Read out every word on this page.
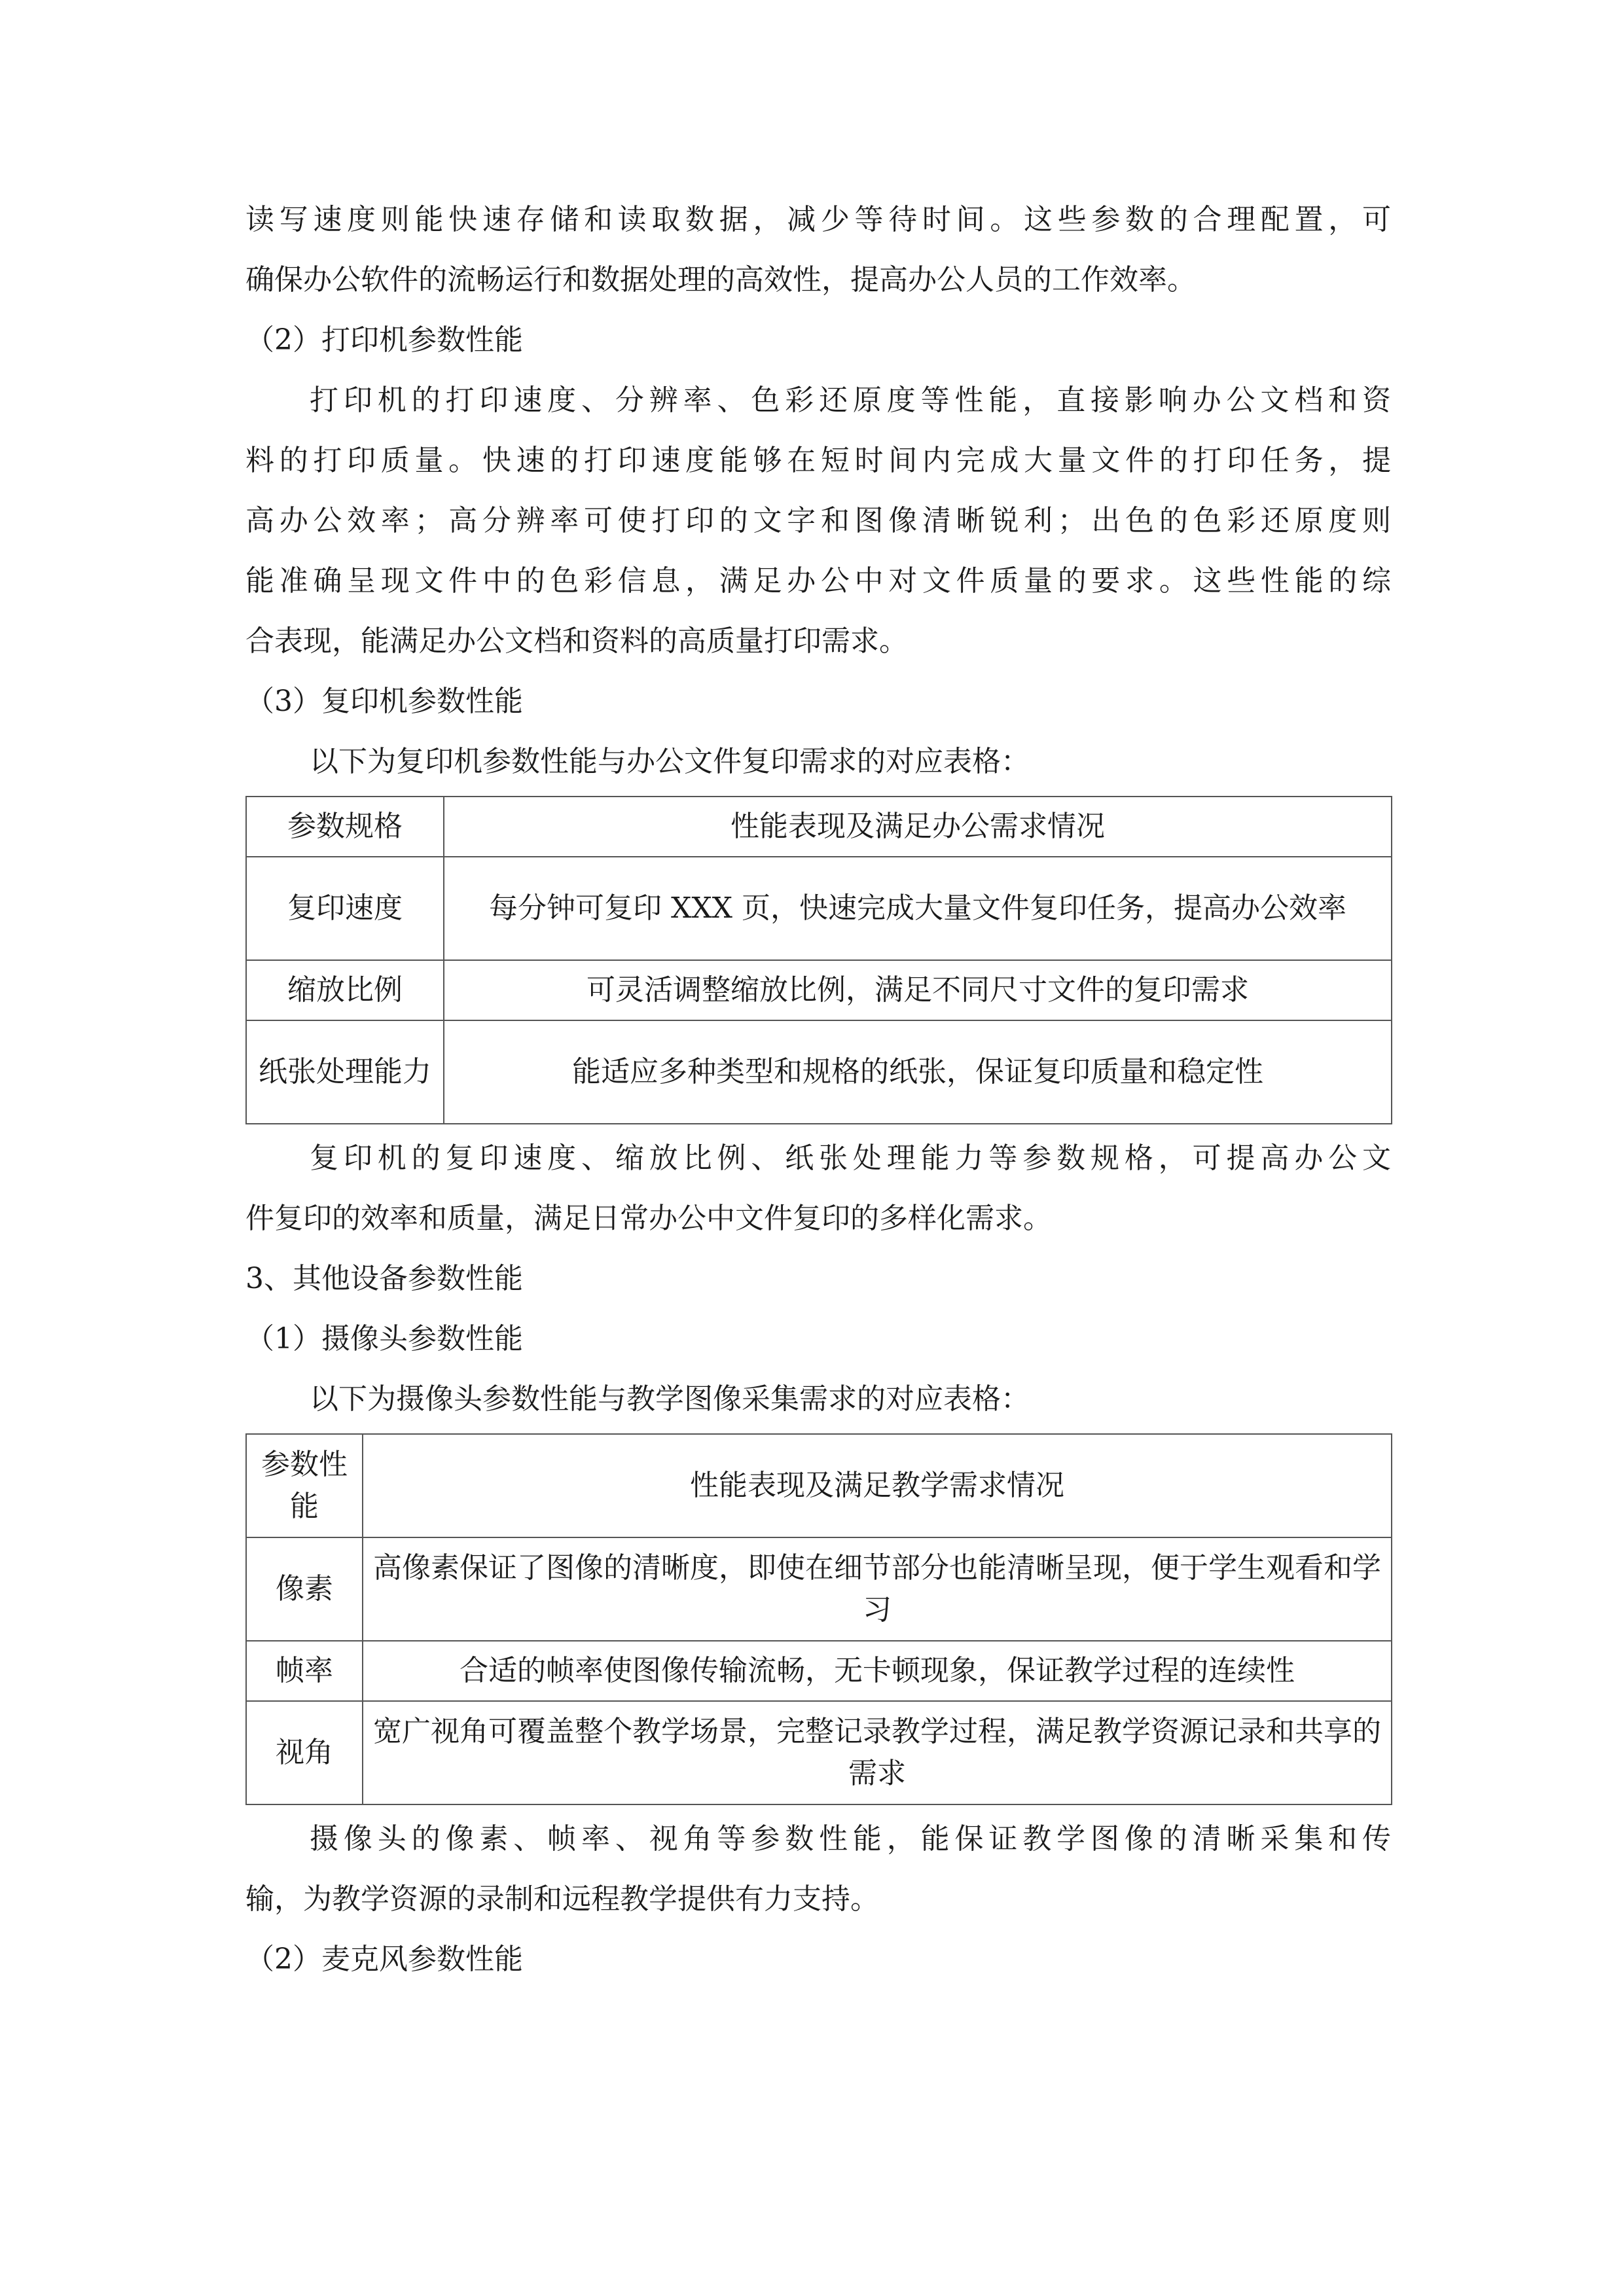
读写速度则能快速存储和读取数据，减少等待时间。这些参数的合理配置，可

确保办公软件的流畅运行和数据处理的高效性，提高办公人员的工作效率。

（2）打印机参数性能

打印机的打印速度、分辨率、色彩还原度等性能，直接影响办公文档和资

料的打印质量。快速的打印速度能够在短时间内完成大量文件的打印任务，提

高办公效率；高分辨率可使打印的文字和图像清晰锐利；出色的色彩还原度则

能准确呈现文件中的色彩信息，满足办公中对文件质量的要求。这些性能的综

合表现，能满足办公文档和资料的高质量打印需求。

（3）复印机参数性能

以下为复印机参数性能与办公文件复印需求的对应表格：

参数规格	性能表现及满足办公需求情况
复印速度	每分钟可复印 XXX 页，快速完成大量文件复印任务，提高办公效率
缩放比例	可灵活调整缩放比例，满足不同尺寸文件的复印需求
纸张处理能力	能适应多种类型和规格的纸张，保证复印质量和稳定性

复印机的复印速度、缩放比例、纸张处理能力等参数规格，可提高办公文

件复印的效率和质量，满足日常办公中文件复印的多样化需求。

3、其他设备参数性能

（1）摄像头参数性能

以下为摄像头参数性能与教学图像采集需求的对应表格：

参数性能	性能表现及满足教学需求情况
像素	高像素保证了图像的清晰度，即使在细节部分也能清晰呈现，便于学生观看和学习
帧率	合适的帧率使图像传输流畅，无卡顿现象，保证教学过程的连续性
视角	宽广视角可覆盖整个教学场景，完整记录教学过程，满足教学资源记录和共享的需求

摄像头的像素、帧率、视角等参数性能，能保证教学图像的清晰采集和传

输，为教学资源的录制和远程教学提供有力支持。

（2）麦克风参数性能
